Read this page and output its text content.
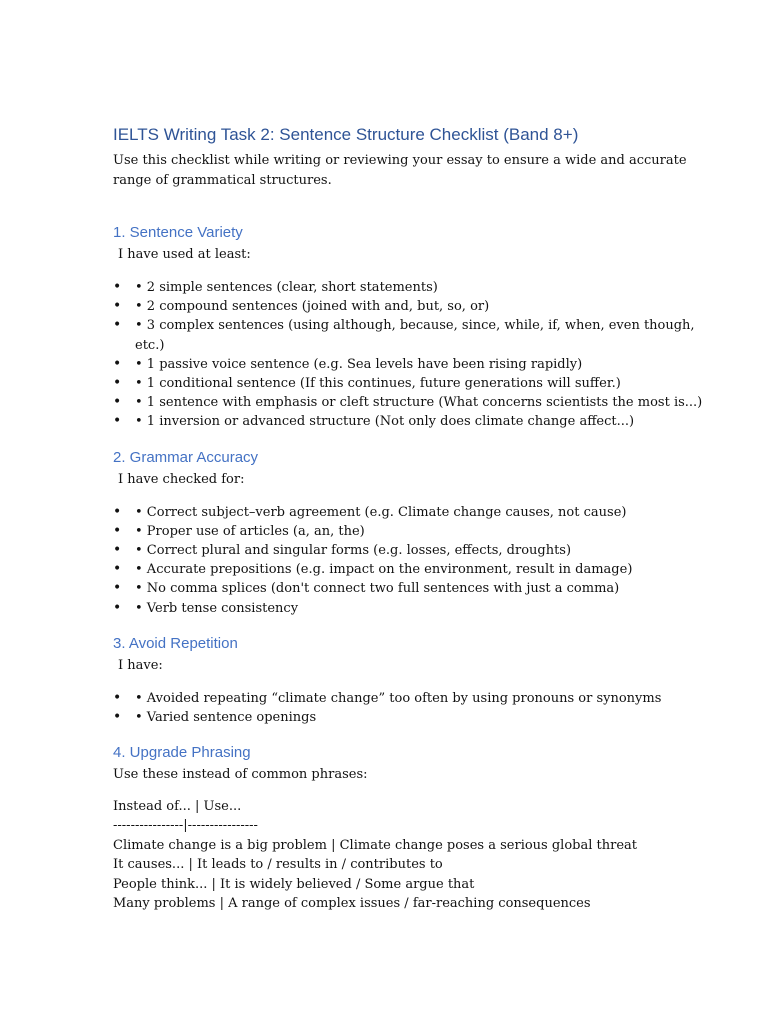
IELTS Writing Task 2: Sentence Structure Checklist (Band 8+)

Use this checklist while writing or reviewing your essay to ensure a wide and accurate range of grammatical structures.

1. Sentence Variety

I have used at least:

• • 2 simple sentences (clear, short statements)
• • 2 compound sentences (joined with and, but, so, or)
• • 3 complex sentences (using although, because, since, while, if, when, even though, etc.)
• • 1 passive voice sentence (e.g. Sea levels have been rising rapidly)
• • 1 conditional sentence (If this continues, future generations will suffer.)
• • 1 sentence with emphasis or cleft structure (What concerns scientists the most is...)
• • 1 inversion or advanced structure (Not only does climate change affect...)
2. Grammar Accuracy

I have checked for:

• • Correct subject–verb agreement (e.g. Climate change causes, not cause)
• • Proper use of articles (a, an, the)
• • Correct plural and singular forms (e.g. losses, effects, droughts)
• • Accurate prepositions (e.g. impact on the environment, result in damage)
• • No comma splices (don't connect two full sentences with just a comma)
• • Verb tense consistency
3. Avoid Repetition

I have:

• • Avoided repeating “climate change” too often by using pronouns or synonyms
• • Varied sentence openings
4. Upgrade Phrasing

Use these instead of common phrases:

Instead of... | Use...

----------------|----------------

Climate change is a big problem | Climate change poses a serious global threat

It causes... | It leads to / results in / contributes to

People think... | It is widely believed / Some argue that

Many problems | A range of complex issues / far-reaching consequences
